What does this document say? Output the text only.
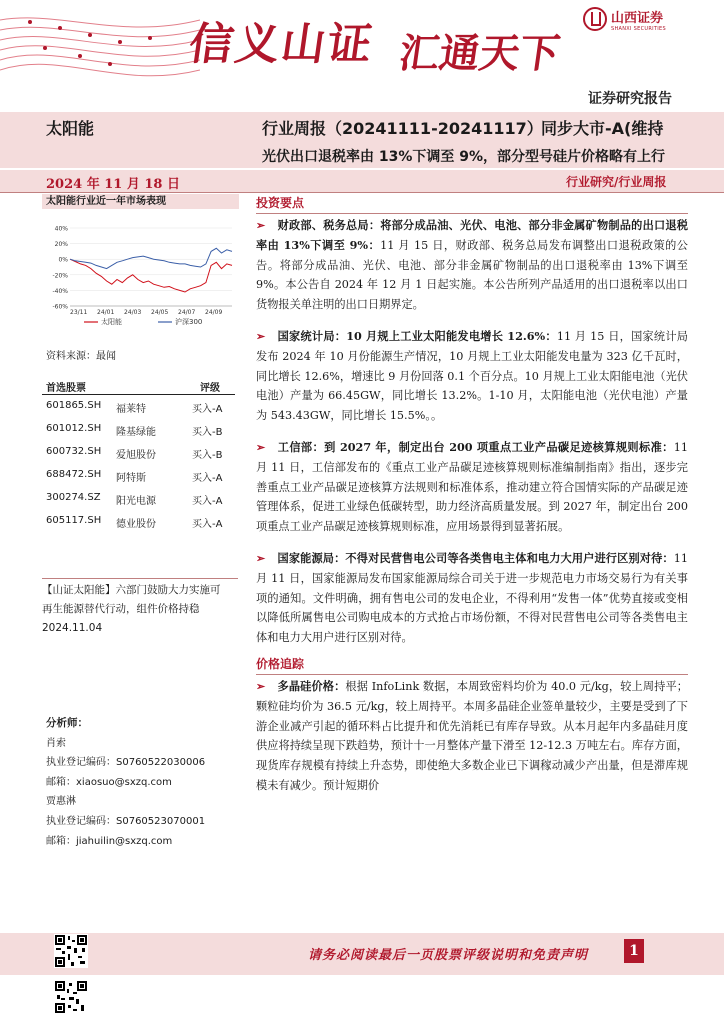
信义山证 汇通天下
山西证券
SHANXI SECURITIES
证券研究报告
太阳能	行业周报（20241111-20241117）
同步大市-A(维持
光伏出口退税率由 13%下调至 9%，部分型号硅片价格略有上行
2024 年 11 月 18 日	行业研究/行业周报
太阳能行业近一年市场表现
40%
20%
0%
-20%
-40%
-60%
23/11 24/01 24/03 24/05 24/07 24/09
太阳能	沪深300
资料来源：最闻
首选股票	评级
601865.SH 福莱特	买入-A
601012.SH 隆基绿能	买入-B
600732.SH 爱旭股份	买入-B
688472.SH 阿特斯	买入-A
300274.SZ 阳光电源	买入-A
605117.SH 德业股份	买入-A
【山证太阳能】六部门鼓励大力实施可
再生能源替代行动，组件价格持稳
2024.11.04
分析师：
肖索
执业登记编码：S0760522030006
邮箱：xiaosuo@sxzq.com
贾惠淋
执业登记编码：S0760523070001
邮箱：jiahuilin@sxzq.com
投资要点

➢ 财政部、税务总局：将部分成品油、光伏、电池、部分非金属矿物制品的出口退税率由 13%下调至 9%：11 月 15 日，财政部、税务总局发布调整出口退税政策的公告。将部分成品油、光伏、电池、部分非金属矿物制品的出口退税率由 13%下调至 9%。本公告自 2024 年 12 月 1 日起实施。本公告所列产品适用的出口退税率以出口货物报关单注明的出口日期界定。

➢ 国家统计局：10 月规上工业太阳能发电增长 12.6%：11 月 15 日，国家统计局发布 2024 年 10 月份能源生产情况，10 月规上工业太阳能发电量为 323 亿千瓦时，同比增长 12.6%，增速比 9 月份回落 0.1 个百分点。10 月规上工业太阳能电池（光伏电池）产量为 66.45GW，同比增长 13.2%。1-10 月，太阳能电池（光伏电池）产量为 543.43GW，同比增长 15.5%。。

➢ 工信部：到 2027 年，制定出台 200 项重点工业产品碳足迹核算规则标准：11 月 11 日，工信部发布的《重点工业产品碳足迹核算规则标准编制指南》指出，逐步完善重点工业产品碳足迹核算方法规则和标准体系，推动建立符合国情实际的产品碳足迹管理体系，促进工业绿色低碳转型，助力经济高质量发展。到 2027 年，制定出台 200 项重点工业产品碳足迹核算规则标准，应用场景得到显著拓展。

➢ 国家能源局：不得对民营售电公司等各类售电主体和电力大用户进行区别对待：11 月 11 日，国家能源局发布国家能源局综合司关于进一步规范电力市场交易行为有关事项的通知。文件明确，拥有售电公司的发电企业，不得利用“发售一体”优势直接或变相以降低所属售电公司购电成本的方式抢占市场份额，不得对民营售电公司等各类售电主体和电力大用户进行区别对待。

价格追踪

➢ 多晶硅价格：根据 InfoLink 数据，本周致密料均价为 40.0 元/kg，较上周持平；颗粒硅均价为 36.5 元/kg，较上周持平。本周多晶硅企业签单量较少，主要是受到了下游企业减产引起的循环料占比提升和优先消耗已有库存导致。从本月起年内多晶硅月度供应将持续呈现下跌趋势，预计十一月整体产量下滑至 12-12.3 万吨左右。库存方面，现货库存规模有持续上升态势，即使绝大多数企业已下调稼动减少产出量，但是滞库规模未有减少。预计短期价

请务必阅读最后一页股票评级说明和免责声明	1
